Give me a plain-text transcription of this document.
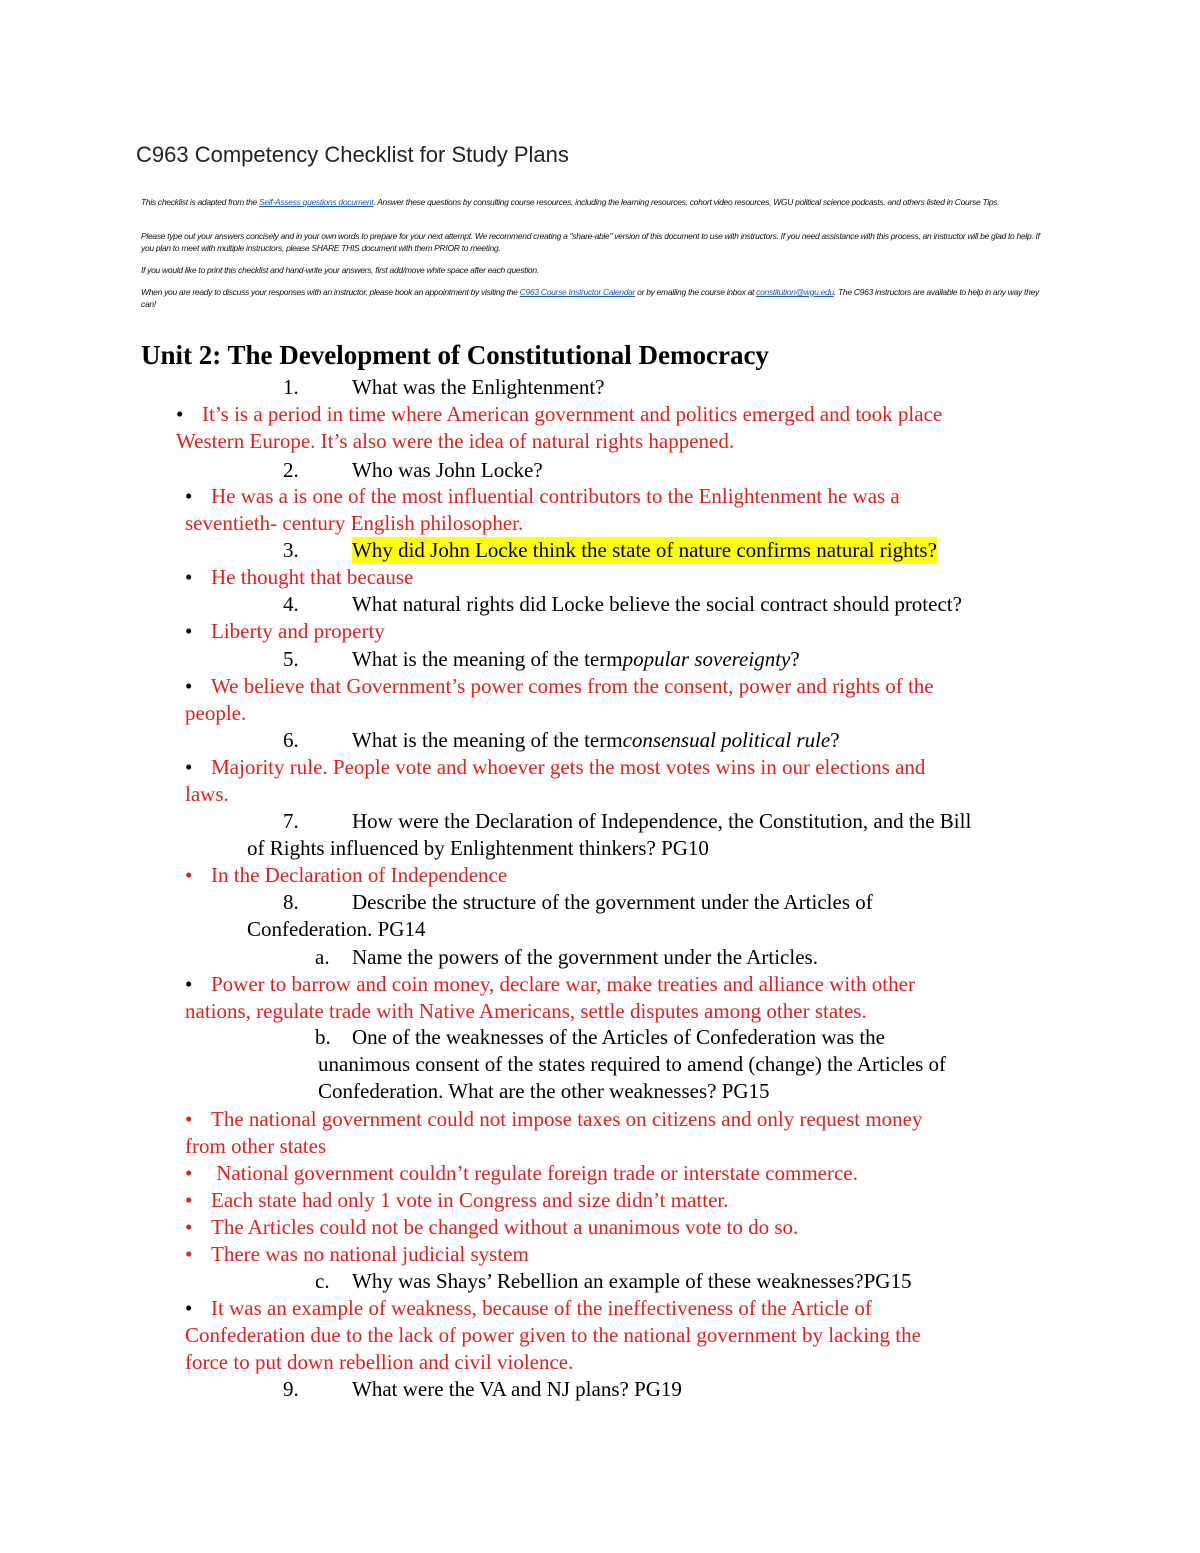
C963 Competency Checklist for Study Plans
This checklist is adapted from the Self-Assess questions document. Answer these questions by consulting course resources, including the learning resources, cohort video resources, WGU political science podcasts, and others listed in Course Tips.
Please type out your answers concisely and in your own words to prepare for your next attempt. We recommend creating a "share-able" version of this document to use with instructors. If you need assistance with this process, an instructor will be glad to help. If you plan to meet with multiple instructors, please SHARE THIS document with them PRIOR to meeting.
If you would like to print this checklist and hand-write your answers, first add/move white space after each question.
When you are ready to discuss your responses with an instructor, please book an appointment by visiting the C963 Course Instructor Calendar or by emailing the course inbox at constitution@wgu.edu. The C963 instructors are available to help in any way they can!
Unit 2: The Development of Constitutional Democracy
1.	What was the Enlightenment?
• It’s is a period in time where American government and politics emerged and took place
Western Europe. It’s also were the idea of natural rights happened.
2.	Who was John Locke?
• He was a is one of the most influential contributors to the Enlightenment he was a
seventieth- century English philosopher.
3.	Why did John Locke think the state of nature confirms natural rights?
• He thought that because
4.	What natural rights did Locke believe the social contract should protect?
• Liberty and property
5.	What is the meaning of the termpopular sovereignty?
• We believe that Government’s power comes from the consent, power and rights of the
people.
6.	What is the meaning of the termconsensual political rule?
• Majority rule. People vote and whoever gets the most votes wins in our elections and
laws.
7.	How were the Declaration of Independence, the Constitution, and the Bill
of Rights influenced by Enlightenment thinkers? PG10
• In the Declaration of Independence
8.	Describe the structure of the government under the Articles of
Confederation. PG14
a. Name the powers of the government under the Articles.
• Power to barrow and coin money, declare war, make treaties and alliance with other
nations, regulate trade with Native Americans, settle disputes among other states.
b. One of the weaknesses of the Articles of Confederation was the
unanimous consent of the states required to amend (change) the Articles of
Confederation. What are the other weaknesses? PG15
• The national government could not impose taxes on citizens and only request money
from other states
• National government couldn’t regulate foreign trade or interstate commerce.
• Each state had only 1 vote in Congress and size didn’t matter.
• The Articles could not be changed without a unanimous vote to do so.
• There was no national judicial system
c. Why was Shays’ Rebellion an example of these weaknesses?PG15
• It was an example of weakness, because of the ineffectiveness of the Article of
Confederation due to the lack of power given to the national government by lacking the
force to put down rebellion and civil violence.
9.	What were the VA and NJ plans? PG19
